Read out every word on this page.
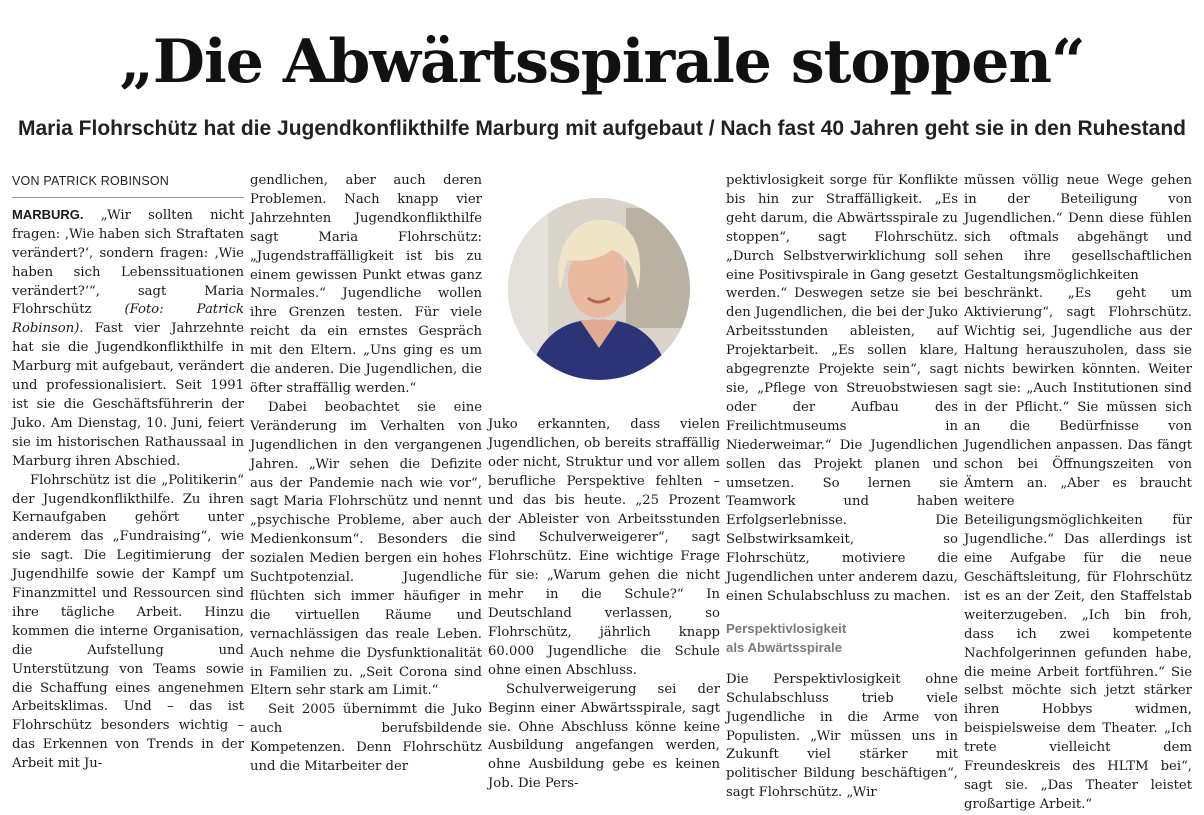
„Die Abwärtsspirale stoppen“
Maria Flohrschütz hat die Jugendkonflikthilfe Marburg mit aufgebaut / Nach fast 40 Jahren geht sie in den Ruhestand
VON PATRICK ROBINSON

MARBURG. „Wir sollten nicht fragen: ‚Wie haben sich Straftaten verändert?‘, sondern fragen: ‚Wie haben sich Lebenssituationen verändert?‘“, sagt Maria Flohrschütz (Foto: Patrick Robinson). Fast vier Jahrzehnte hat sie die Jugendkonflikthilfe in Marburg mit aufgebaut, verändert und professionalisiert. Seit 1991 ist sie die Geschäftsführerin der Juko. Am Dienstag, 10. Juni, feiert sie im historischen Rathaussaal in Marburg ihren Abschied.

Flohrschütz ist die „Politikerin“ der Jugendkonflikthilfe. Zu ihren Kernaufgaben gehört unter anderem das „Fundraising“, wie sie sagt. Die Legitimierung der Jugendhilfe sowie der Kampf um Finanzmittel und Ressourcen sind ihre tägliche Arbeit. Hinzu kommen die interne Organisation, die Aufstellung und Unterstützung von Teams sowie die Schaffung eines angenehmen Arbeitsklimas. Und – das ist Flohrschütz besonders wichtig – das Erkennen von Trends in der Arbeit mit Ju-

gendlichen, aber auch deren Problemen. Nach knapp vier Jahrzehnten Jugendkonflikthilfe sagt Maria Flohrschütz: „Jugendstraffälligkeit ist bis zu einem gewissen Punkt etwas ganz Normales.“ Jugendliche wollen ihre Grenzen testen. Für viele reicht da ein ernstes Gespräch mit den Eltern. „Uns ging es um die anderen. Die Jugendlichen, die öfter straffällig werden.“

Dabei beobachtet sie eine Veränderung im Verhalten von Jugendlichen in den vergangenen Jahren. „Wir sehen die Defizite aus der Pandemie nach wie vor“, sagt Maria Flohrschütz und nennt „psychische Probleme, aber auch Medienkonsum“. Besonders die sozialen Medien bergen ein hohes Suchtpotenzial. Jugendliche flüchten sich immer häufiger in die virtuellen Räume und vernachlässigen das reale Leben. Auch nehme die Dysfunktionalität in Familien zu. „Seit Corona sind Eltern sehr stark am Limit.“

Seit 2005 übernimmt die Juko auch berufsbildende Kompetenzen. Denn Flohrschütz und die Mitarbeiter der

Juko erkannten, dass vielen Jugendlichen, ob bereits straffällig oder nicht, Struktur und vor allem berufliche Perspektive fehlten – und das bis heute. „25 Prozent der Ableister von Arbeitsstunden sind Schulverweigerer“, sagt Flohrschütz. Eine wichtige Frage für sie: „Warum gehen die nicht mehr in die Schule?“ In Deutschland verlassen, so Flohrschütz, jährlich knapp 60.000 Jugendliche die Schule ohne einen Abschluss.

Schulverweigerung sei der Beginn einer Abwärtsspirale, sagt sie. Ohne Abschluss könne keine Ausbildung angefangen werden, ohne Ausbildung gebe es keinen Job. Die Pers-

pektivlosigkeit sorge für Konflikte bis hin zur Straffälligkeit. „Es geht darum, die Abwärtsspirale zu stoppen“, sagt Flohrschütz. „Durch Selbstverwirklichung soll eine Positivspirale in Gang gesetzt werden.“ Deswegen setze sie bei den Jugendlichen, die bei der Juko Arbeitsstunden ableisten, auf Projektarbeit. „Es sollen klare, abgegrenzte Projekte sein“, sagt sie, „Pflege von Streuobstwiesen oder der Aufbau des Freilichtmuseums in Niederweimar.“ Die Jugendlichen sollen das Projekt planen und umsetzen. So lernen sie Teamwork und haben Erfolgserlebnisse. Die Selbstwirksamkeit, so Flohrschütz, motiviere die Jugendlichen unter anderem dazu, einen Schulabschluss zu machen.

Perspektivlosigkeit
als Abwärtsspirale

Die Perspektivlosigkeit ohne Schulabschluss trieb viele Jugendliche in die Arme von Populisten. „Wir müssen uns in Zukunft viel stärker mit politischer Bildung beschäftigen“, sagt Flohrschütz. „Wir

müssen völlig neue Wege gehen in der Beteiligung von Jugendlichen.“ Denn diese fühlen sich oftmals abgehängt und sehen ihre gesellschaftlichen Gestaltungsmöglichkeiten beschränkt. „Es geht um Aktivierung“, sagt Flohrschütz. Wichtig sei, Jugendliche aus der Haltung herauszuholen, dass sie nichts bewirken könnten. Weiter sagt sie: „Auch Institutionen sind in der Pflicht.“ Sie müssen sich an die Bedürfnisse von Jugendlichen anpassen. Das fängt schon bei Öffnungszeiten von Ämtern an. „Aber es braucht weitere Beteiligungsmöglichkeiten für Jugendliche.“ Das allerdings ist eine Aufgabe für die neue Geschäftsleitung, für Flohrschütz ist es an der Zeit, den Staffelstab weiterzugeben. „Ich bin froh, dass ich zwei kompetente Nachfolgerinnen gefunden habe, die meine Arbeit fortführen.“ Sie selbst möchte sich jetzt stärker ihren Hobbys widmen, beispielsweise dem Theater. „Ich trete vielleicht dem Freundeskreis des HLTM bei“, sagt sie. „Das Theater leistet großartige Arbeit.“
